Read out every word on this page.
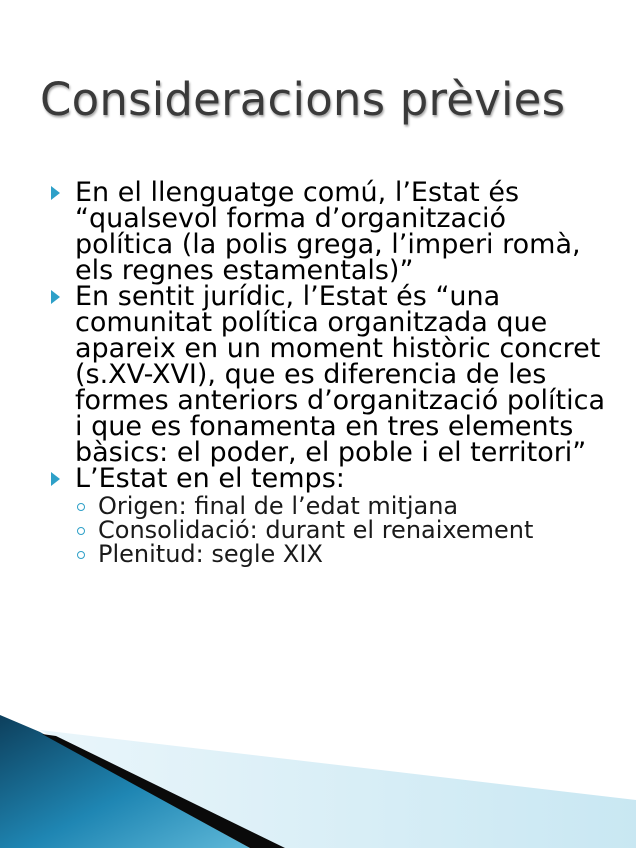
Consideracions prèvies
En el llenguatge comú, l’Estat és “qualsevol forma d’organització política (la polis grega, l’imperi romà, els regnes estamentals)”
En sentit jurídic, l’Estat és “una comunitat política organitzada que apareix en un moment històric concret (s.XV-XVI), que es diferencia de les formes anteriors d’organització política i que es fonamenta en tres elements bàsics: el poder, el poble i el territori”
L’Estat en el temps:
Origen: final de l’edat mitjana
Consolidació: durant el renaixement
Plenitud: segle XIX
